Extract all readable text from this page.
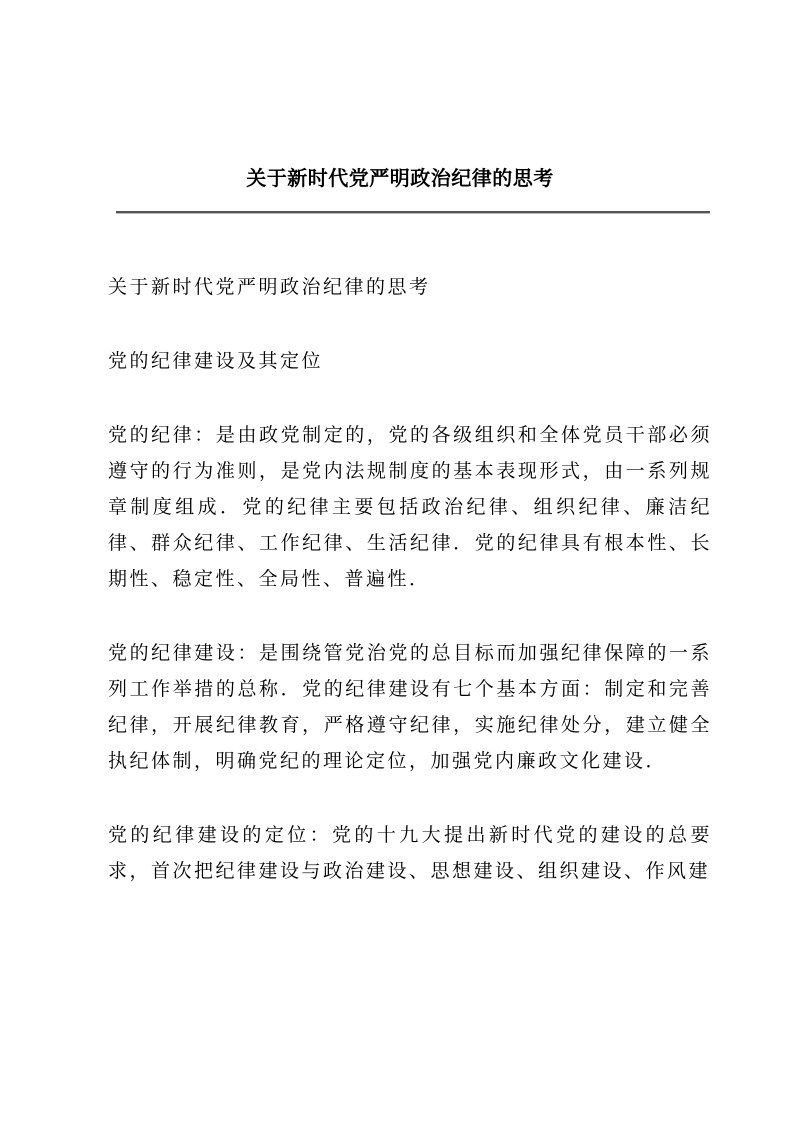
关于新时代党严明政治纪律的思考

关于新时代党严明政治纪律的思考

党的纪律建设及其定位

党的纪律：是由政党制定的，党的各级组织和全体党员干部必须遵守的行为准则，是党内法规制度的基本表现形式，由一系列规章制度组成．党的纪律主要包括政治纪律、组织纪律、廉洁纪律、群众纪律、工作纪律、生活纪律．党的纪律具有根本性、长期性、稳定性、全局性、普遍性．

党的纪律建设：是围绕管党治党的总目标而加强纪律保障的一系列工作举措的总称．党的纪律建设有七个基本方面：制定和完善纪律，开展纪律教育，严格遵守纪律，实施纪律处分，建立健全执纪体制，明确党纪的理论定位，加强党内廉政文化建设．

党的纪律建设的定位：党的十九大提出新时代党的建设的总要求，首次把纪律建设与政治建设、思想建设、组织建设、作风建
